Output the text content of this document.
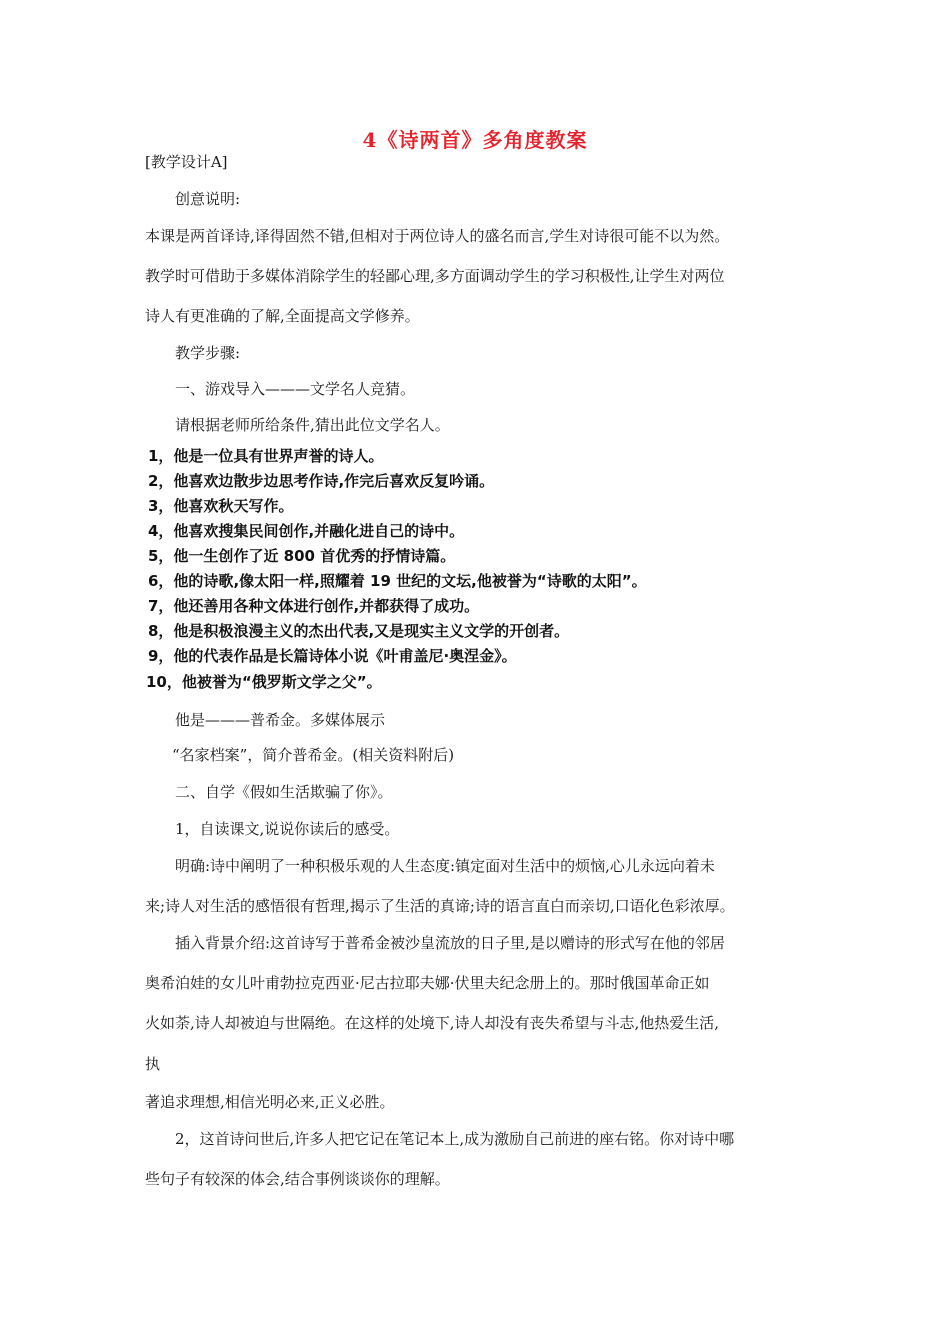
4《诗两首》多角度教案
[教学设计A]
创意说明:
本课是两首译诗,译得固然不错,但相对于两位诗人的盛名而言,学生对诗很可能不以为然。
教学时可借助于多媒体消除学生的轻鄙心理,多方面调动学生的学习积极性,让学生对两位
诗人有更准确的了解,全面提高文学修养。
教学步骤:
一、游戏导入———文学名人竞猜。
请根据老师所给条件,猜出此位文学名人。
1，他是一位具有世界声誉的诗人。
2，他喜欢边散步边思考作诗,作完后喜欢反复吟诵。
3，他喜欢秋天写作。
4，他喜欢搜集民间创作,并融化进自己的诗中。
5，他一生创作了近 800 首优秀的抒情诗篇。
6，他的诗歌,像太阳一样,照耀着 19 世纪的文坛,他被誉为“诗歌的太阳”。
7，他还善用各种文体进行创作,并都获得了成功。
8，他是积极浪漫主义的杰出代表,又是现实主义文学的开创者。
9，他的代表作品是长篇诗体小说《叶甫盖尼·奥涅金》。
10，他被誉为“俄罗斯文学之父”。
他是———普希金。多媒体展示
“名家档案”，简介普希金。(相关资料附后)
二、自学《假如生活欺骗了你》。
1，自读课文,说说你读后的感受。
明确:诗中阐明了一种积极乐观的人生态度:镇定面对生活中的烦恼,心儿永远向着未
来;诗人对生活的感悟很有哲理,揭示了生活的真谛;诗的语言直白而亲切,口语化色彩浓厚。
插入背景介绍:这首诗写于普希金被沙皇流放的日子里,是以赠诗的形式写在他的邻居
奥希泊娃的女儿叶甫勃拉克西亚·尼古拉耶夫娜·伏里夫纪念册上的。那时俄国革命正如
火如荼,诗人却被迫与世隔绝。在这样的处境下,诗人却没有丧失希望与斗志,他热爱生活,
执
著追求理想,相信光明必来,正义必胜。
2，这首诗问世后,许多人把它记在笔记本上,成为激励自己前进的座右铭。你对诗中哪
些句子有较深的体会,结合事例谈谈你的理解。
